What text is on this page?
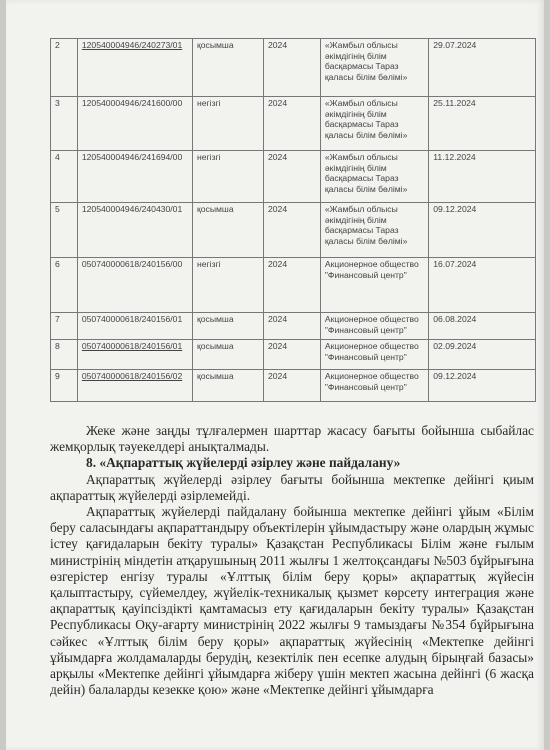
2	120540004946/240273/01	қосымша	2024	«Жамбыл облысы әкімдігінің білім басқармасы Тараз қаласы білім бөлімі»	29.07.2024
3	120540004946/241600/00	негізгі	2024	«Жамбыл облысы әкімдігінің білім басқармасы Тараз қаласы білім бөлімі»	25.11.2024
4	120540004946/241694/00	негізгі	2024	«Жамбыл облысы әкімдігінің білім басқармасы Тараз қаласы білім бөлімі»	11.12.2024
5	120540004946/240430/01	қосымша	2024	«Жамбыл облысы әкімдігінің білім басқармасы Тараз қаласы білім бөлімі»	09.12.2024
6	050740000618/240156/00	негізгі	2024	Акционерное общество "Финансовый центр"	16.07.2024
7	050740000618/240156/01	қосымша	2024	Акционерное общество "Финансовый центр"	06.08.2024
8	050740000618/240156/01	қосымша	2024	Акционерное общество "Финансовый центр"	02.09.2024
9	050740000618/240156/02	қосымша	2024	Акционерное общество "Финансовый центр"	09.12.2024

Жеке және заңды тұлғалермен шарттар жасасу бағыты бойынша сыбайлас жемқорлық тәуекелдері анықталмады.

8. «Ақпараттық жүйелерді әзірлеу және пайдалану»

Ақпараттық жүйелерді әзірлеу бағыты бойынша мектепке дейінгі қиым ақпараттық жүйелерді әзірлемейді.

Ақпараттық жүйелерді пайдалану бойынша мектепке дейінгі ұйым «Білім беру саласындағы ақпараттандыру объектілерін ұйымдастыру және олардың жұмыс істеу қағидаларын бекіту туралы» Қазақстан Республикасы Білім және ғылым министрінің міндетін атқарушының 2011 жылғы 1 желтоқсандағы №503 бұйрығына өзгерістер енгізу туралы «Ұлттық білім беру қоры» ақпараттық жүйесін қалыптастыру, сүйемелдеу, жүйелік-техникалық қызмет көрсету интеграция және ақпараттық қауіпсіздікті қамтамасыз ету қағидаларын бекіту туралы» Қазақстан Республикасы Оқу-ағарту министрінің 2022 жылғы 9 тамыздағы №354 бұйрығына сәйкес «Ұлттық білім беру қоры» ақпараттық жүйесінің «Мектепке дейінгі ұйымдарға жолдамаларды берудің, кезектілік пен есепке алудың бірыңғай базасы» арқылы «Мектепке дейінгі ұйымдарға жіберу үшін мектеп жасына дейінгі (6 жасқа дейін) балаларды кезекке қою» және «Мектепке дейінгі ұйымдарға
